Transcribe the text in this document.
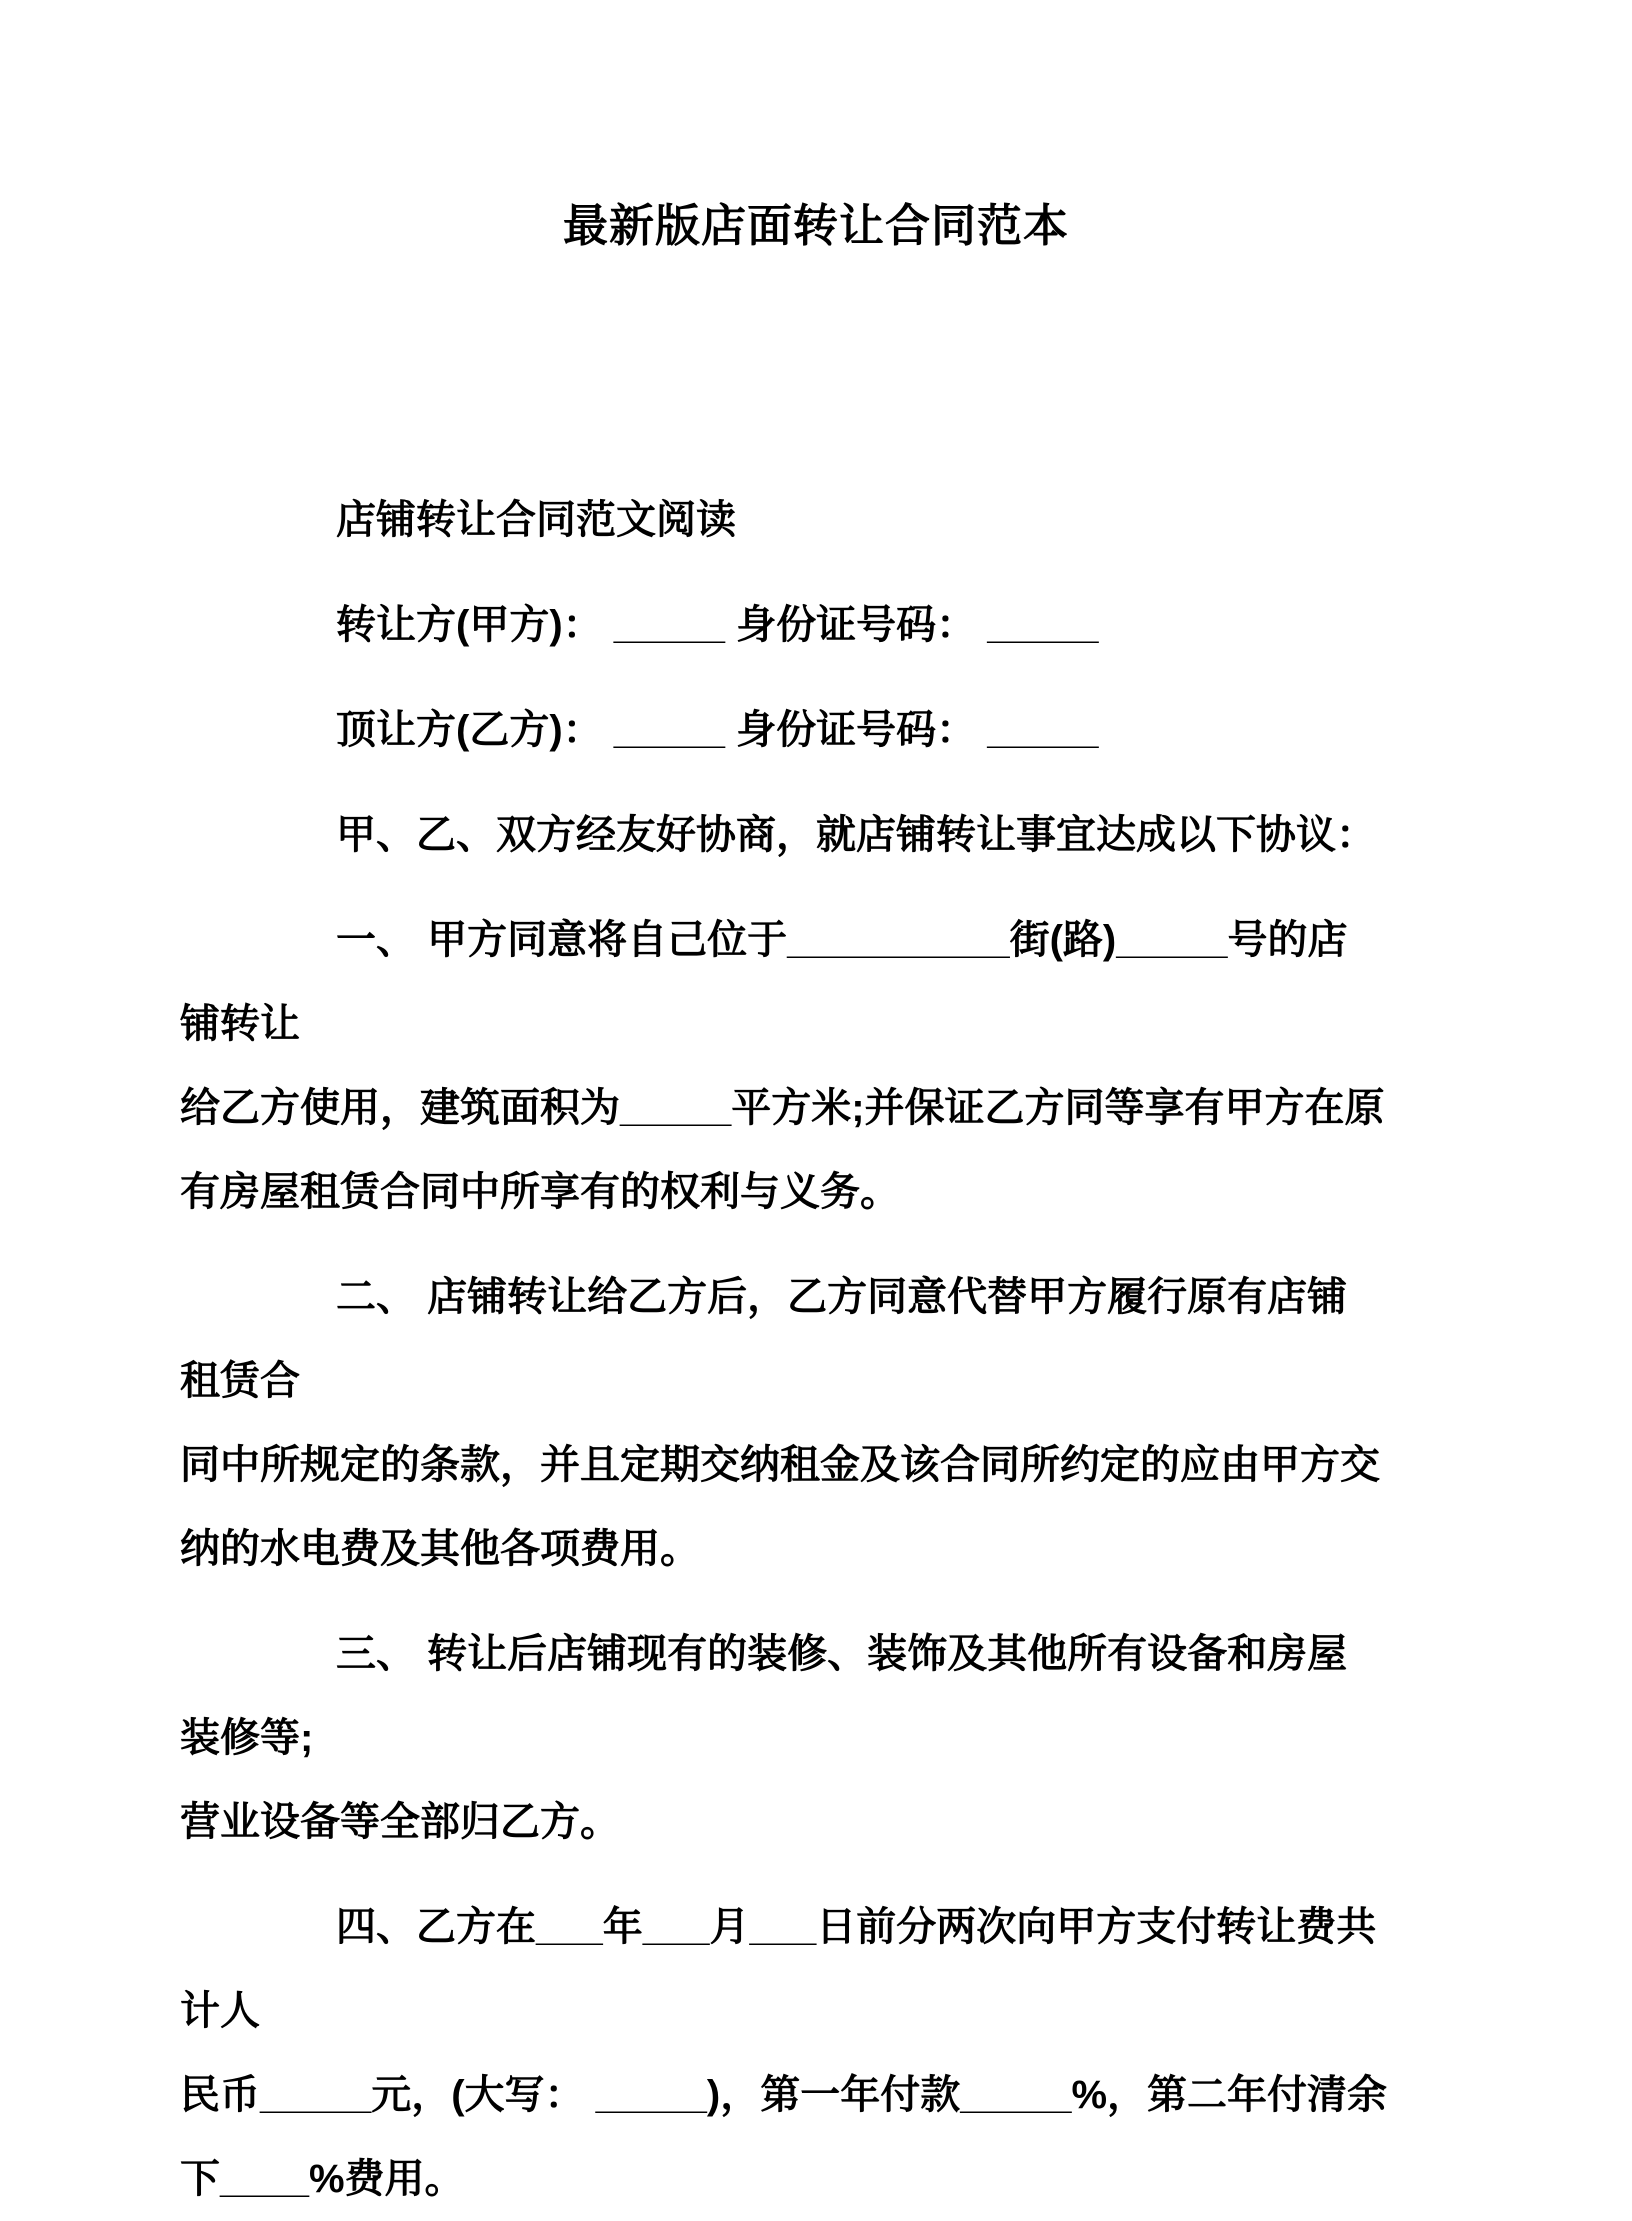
最新版店面转让合同范本

店铺转让合同范文阅读

转让方(甲方)： _____ 身份证号码： _____

顶让方(乙方)： _____ 身份证号码： _____

甲、乙、双方经友好协商，就店铺转让事宜达成以下协议：

一、 甲方同意将自己位于__________街(路)_____号的店铺转让
给乙方使用，建筑面积为_____平方米;并保证乙方同等享有甲方在原
有房屋租赁合同中所享有的权利与义务。

二、 店铺转让给乙方后，乙方同意代替甲方履行原有店铺租赁合
同中所规定的条款，并且定期交纳租金及该合同所约定的应由甲方交
纳的水电费及其他各项费用。

三、 转让后店铺现有的装修、装饰及其他所有设备和房屋装修等;
营业设备等全部归乙方。

四、乙方在___年___月___日前分两次向甲方支付转让费共计人
民币_____元，(大写： _____)，第一年付款_____%，第二年付清余
下____%费用。
